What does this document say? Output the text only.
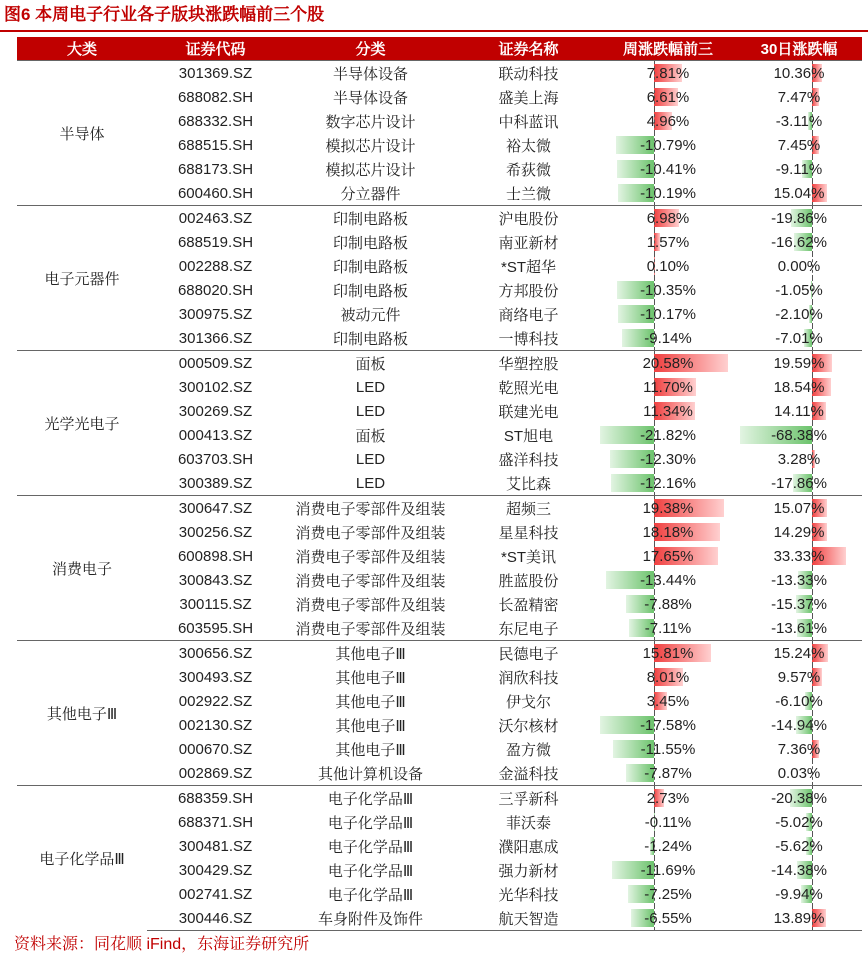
图6 本周电子行业各子版块涨跌幅前三个股
大类	证券代码	分类	证券名称	周涨跌幅前三	30日涨跌幅
半导体	301369.SZ	半导体设备	联动科技	7.81%	10.36%
	688082.SH	半导体设备	盛美上海	6.61%	7.47%
	688332.SH	数字芯片设计	中科蓝讯	4.96%	-3.11%
	688515.SH	模拟芯片设计	裕太微	-10.79%	7.45%
	688173.SH	模拟芯片设计	希荻微	-10.41%	-9.11%
	600460.SH	分立器件	士兰微	-10.19%	15.04%
电子元器件	002463.SZ	印制电路板	沪电股份	6.98%	-19.86%
	688519.SH	印制电路板	南亚新材	1.57%	-16.62%
	002288.SZ	印制电路板	*ST超华	0.10%	0.00%
	688020.SH	印制电路板	方邦股份	-10.35%	-1.05%
	300975.SZ	被动元件	商络电子	-10.17%	-2.10%
	301366.SZ	印制电路板	一博科技	-9.14%	-7.01%
光学光电子	000509.SZ	面板	华塑控股	20.58%	19.59%
	300102.SZ	LED	乾照光电	11.70%	18.54%
	300269.SZ	LED	联建光电	11.34%	14.11%
	000413.SZ	面板	ST旭电	-21.82%	-68.38%
	603703.SH	LED	盛洋科技	-12.30%	3.28%
	300389.SZ	LED	艾比森	-12.16%	-17.86%
消费电子	300647.SZ	消费电子零部件及组装	超频三	19.38%	15.07%
	300256.SZ	消费电子零部件及组装	星星科技	18.18%	14.29%
	600898.SH	消费电子零部件及组装	*ST美讯	17.65%	33.33%
	300843.SZ	消费电子零部件及组装	胜蓝股份	-13.44%	-13.33%
	300115.SZ	消费电子零部件及组装	长盈精密	-7.88%	-15.37%
	603595.SH	消费电子零部件及组装	东尼电子	-7.11%	-13.61%
其他电子Ⅲ	300656.SZ	其他电子Ⅲ	民德电子	15.81%	15.24%
	300493.SZ	其他电子Ⅲ	润欣科技	8.01%	9.57%
	002922.SZ	其他电子Ⅲ	伊戈尔	3.45%	-6.10%
	002130.SZ	其他电子Ⅲ	沃尔核材	-17.58%	-14.94%
	000670.SZ	其他电子Ⅲ	盈方微	-11.55%	7.36%
	002869.SZ	其他计算机设备	金溢科技	-7.87%	0.03%
电子化学品Ⅲ	688359.SH	电子化学品Ⅲ	三孚新科	2.73%	-20.38%
	688371.SH	电子化学品Ⅲ	菲沃泰	-0.11%	-5.02%
	300481.SZ	电子化学品Ⅲ	濮阳惠成	-1.24%	-5.62%
	300429.SZ	电子化学品Ⅲ	强力新材	-11.69%	-14.38%
	002741.SZ	电子化学品Ⅲ	光华科技	-7.25%	-9.94%
	300446.SZ	车身附件及饰件	航天智造	-6.55%	13.89%
资料来源：同花顺 iFind，东海证券研究所
